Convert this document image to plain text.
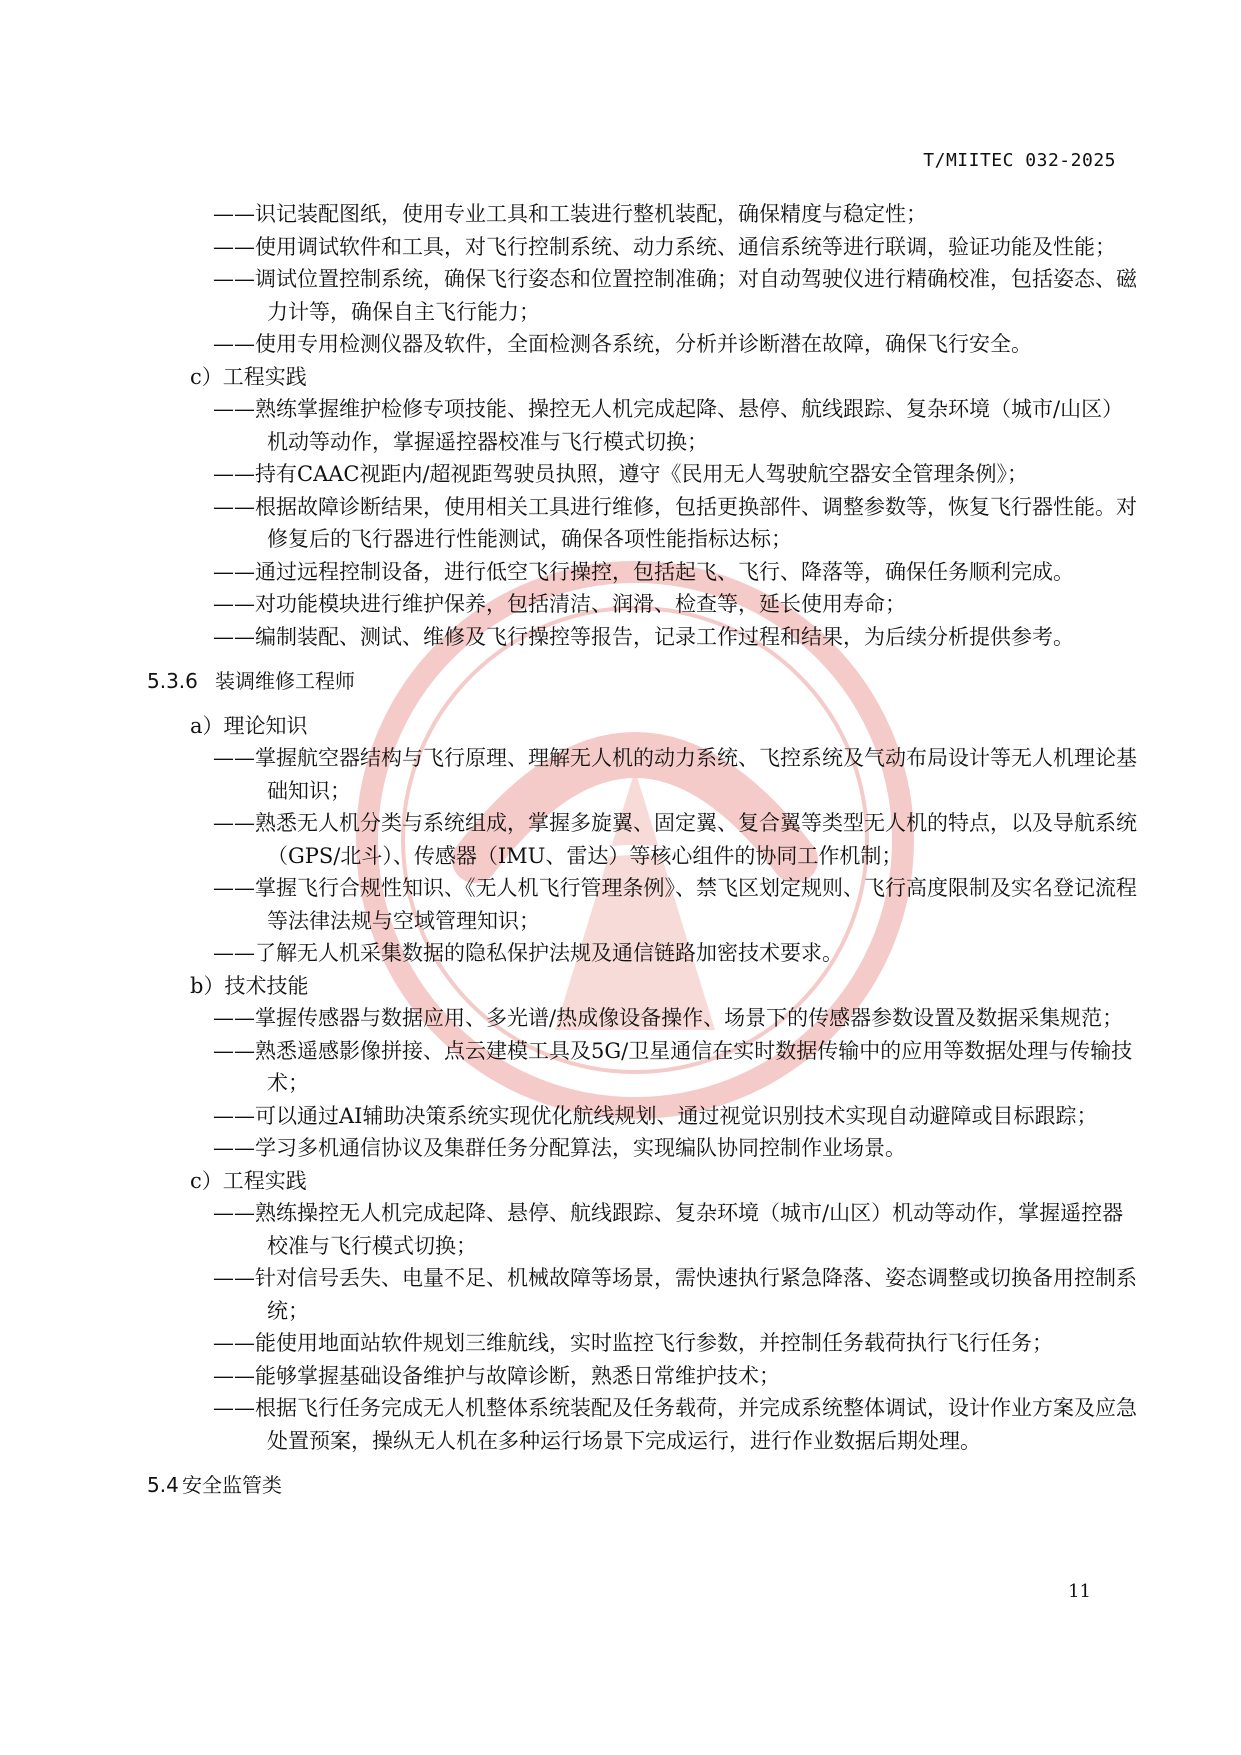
T/MIITEC 032-2025
——识记装配图纸，使用专业工具和工装进行整机装配，确保精度与稳定性；
——使用调试软件和工具，对飞行控制系统、动力系统、通信系统等进行联调，验证功能及性能；
——调试位置控制系统，确保飞行姿态和位置控制准确；对自动驾驶仪进行精确校准，包括姿态、磁力计等，确保自主飞行能力；
——使用专用检测仪器及软件，全面检测各系统，分析并诊断潜在故障，确保飞行安全。
c）工程实践
——熟练掌握维护检修专项技能、操控无人机完成起降、悬停、航线跟踪、复杂环境（城市/山区）机动等动作，掌握遥控器校准与飞行模式切换；
——持有CAAC视距内/超视距驾驶员执照，遵守《民用无人驾驶航空器安全管理条例》；
——根据故障诊断结果，使用相关工具进行维修，包括更换部件、调整参数等，恢复飞行器性能。对修复后的飞行器进行性能测试，确保各项性能指标达标；
——通过远程控制设备，进行低空飞行操控，包括起飞、飞行、降落等，确保任务顺利完成。
——对功能模块进行维护保养，包括清洁、润滑、检查等，延长使用寿命；
——编制装配、测试、维修及飞行操控等报告，记录工作过程和结果，为后续分析提供参考。
5.3.6 装调维修工程师
a）理论知识
——掌握航空器结构与飞行原理、理解无人机的动力系统、飞控系统及气动布局设计等无人机理论基础知识；
——熟悉无人机分类与系统组成，掌握多旋翼、固定翼、复合翼等类型无人机的特点，以及导航系统（GPS/北斗）、传感器（IMU、雷达）等核心组件的协同工作机制；
——掌握飞行合规性知识、《无人机飞行管理条例》、禁飞区划定规则、飞行高度限制及实名登记流程等法律法规与空域管理知识；
——了解无人机采集数据的隐私保护法规及通信链路加密技术要求。
b）技术技能
——掌握传感器与数据应用、多光谱/热成像设备操作、场景下的传感器参数设置及数据采集规范；
——熟悉遥感影像拼接、点云建模工具及5G/卫星通信在实时数据传输中的应用等数据处理与传输技术；
——可以通过AI辅助决策系统实现优化航线规划、通过视觉识别技术实现自动避障或目标跟踪；
——学习多机通信协议及集群任务分配算法，实现编队协同控制作业场景。
c）工程实践
——熟练操控无人机完成起降、悬停、航线跟踪、复杂环境（城市/山区）机动等动作，掌握遥控器校准与飞行模式切换；
——针对信号丢失、电量不足、机械故障等场景，需快速执行紧急降落、姿态调整或切换备用控制系统；
——能使用地面站软件规划三维航线，实时监控飞行参数，并控制任务载荷执行飞行任务；
——能够掌握基础设备维护与故障诊断，熟悉日常维护技术；
——根据飞行任务完成无人机整体系统装配及任务载荷，并完成系统整体调试，设计作业方案及应急处置预案，操纵无人机在多种运行场景下完成运行，进行作业数据后期处理。
5.4 安全监管类
11
